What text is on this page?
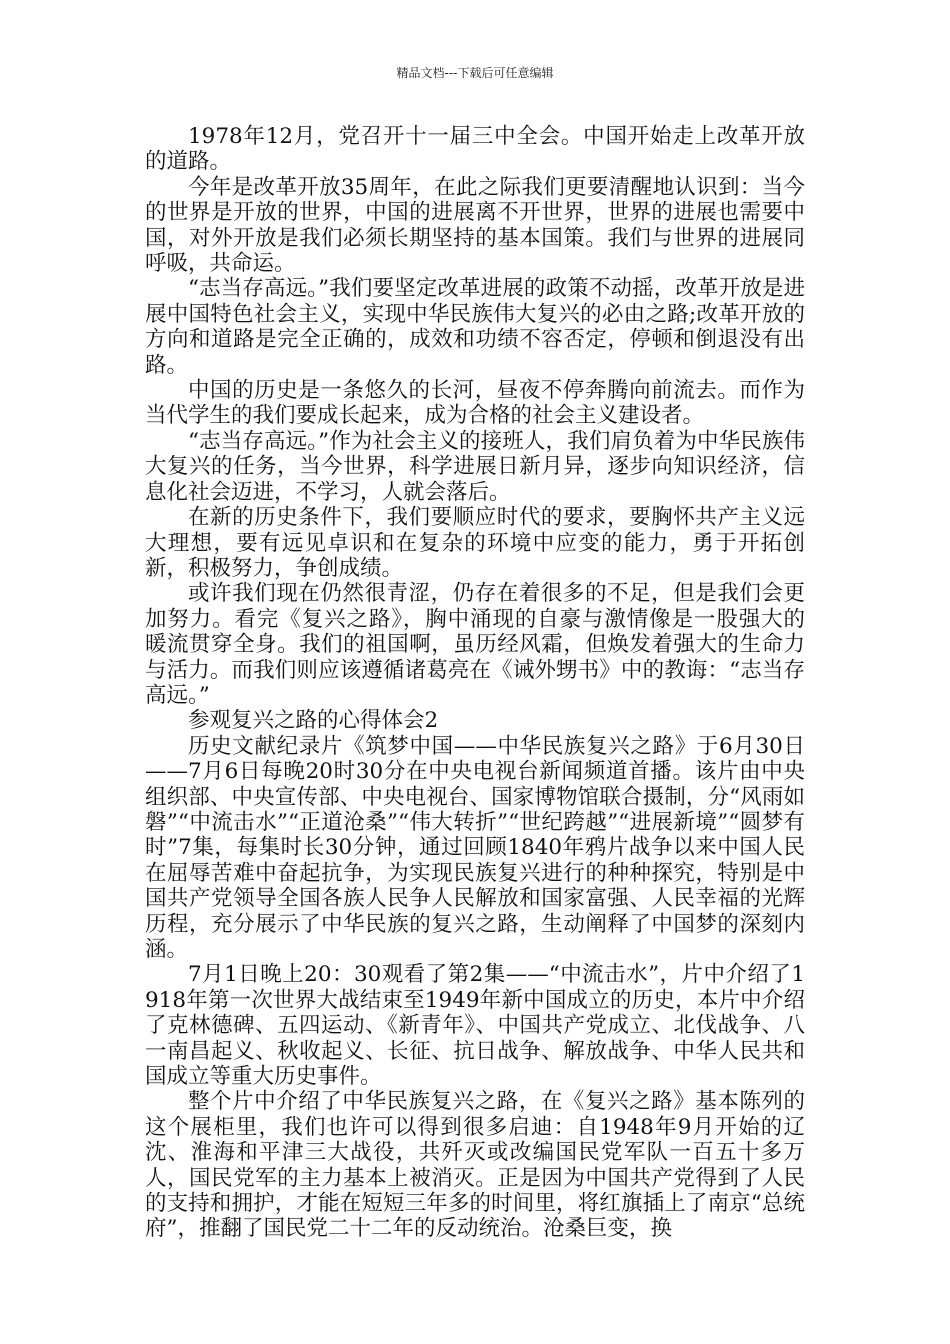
精品文档---下载后可任意编辑

1978年12月，党召开十一届三中全会。中国开始走上改革开放的道路。

今年是改革开放35周年，在此之际我们更要清醒地认识到：当今的世界是开放的世界，中国的进展离不开世界，世界的进展也需要中国，对外开放是我们必须长期坚持的基本国策。我们与世界的进展同呼吸，共命运。

“志当存高远。”我们要坚定改革进展的政策不动摇，改革开放是进展中国特色社会主义，实现中华民族伟大复兴的必由之路;改革开放的方向和道路是完全正确的，成效和功绩不容否定，停顿和倒退没有出路。

中国的历史是一条悠久的长河，昼夜不停奔腾向前流去。而作为当代学生的我们要成长起来，成为合格的社会主义建设者。

“志当存高远。”作为社会主义的接班人，我们肩负着为中华民族伟大复兴的任务，当今世界，科学进展日新月异，逐步向知识经济，信息化社会迈进，不学习，人就会落后。

在新的历史条件下，我们要顺应时代的要求，要胸怀共产主义远大理想，要有远见卓识和在复杂的环境中应变的能力，勇于开拓创新，积极努力，争创成绩。

或许我们现在仍然很青涩，仍存在着很多的不足，但是我们会更加努力。看完《复兴之路》，胸中涌现的自豪与激情像是一股强大的 暖流贯穿全身。我们的祖国啊，虽历经风霜，但焕发着强大的生命力与活力。而我们则应该遵循诸葛亮在《诫外甥书》中的教诲：“志当存高远。”

参观复兴之路的心得体会2

历史文献纪录片《筑梦中国——中华民族复兴之路》于6月30日——7月6日每晚20时30分在中央电视台新闻频道首播。该片由中央组织部、中央宣传部、中央电视台、国家博物馆联合摄制，分“风雨如磐”“中流击水”“正道沧桑”“伟大转折”“世纪跨越”“进展新境”“圆梦有时”7集，每集时长30分钟，通过回顾1840年鸦片战争以来中国人民在屈辱苦难中奋起抗争，为实现民族复兴进行的种种探究，特别是中国共产党领导全国各族人民争人民解放和国家富强、人民幸福的光辉历程，充分展示了中华民族的复兴之路，生动阐释了中国梦的深刻内涵。

7月1日晚上20：30观看了第2集——“中流击水”，片中介绍了1918年第一次世界大战结束至1949年新中国成立的历史，本片中介绍了克林德碑、五四运动、《新青年》、中国共产党成立、北伐战争、八一南昌起义、秋收起义、长征、抗日战争、解放战争、中华人民共和国成立等重大历史事件。

整个片中介绍了中华民族复兴之路，在《复兴之路》基本陈列的这个展柜里，我们也许可以得到很多启迪：自1948年9月开始的辽沈、淮海和平津三大战役，共歼灭或改编国民党军队一百五十多万人，国民党军的主力基本上被消灭。正是因为中国共产党得到了人民的支持和拥护，才能在短短三年多的时间里，将红旗插上了南京“总统府”，推翻了国民党二十二年的反动统治。沧桑巨变，换
